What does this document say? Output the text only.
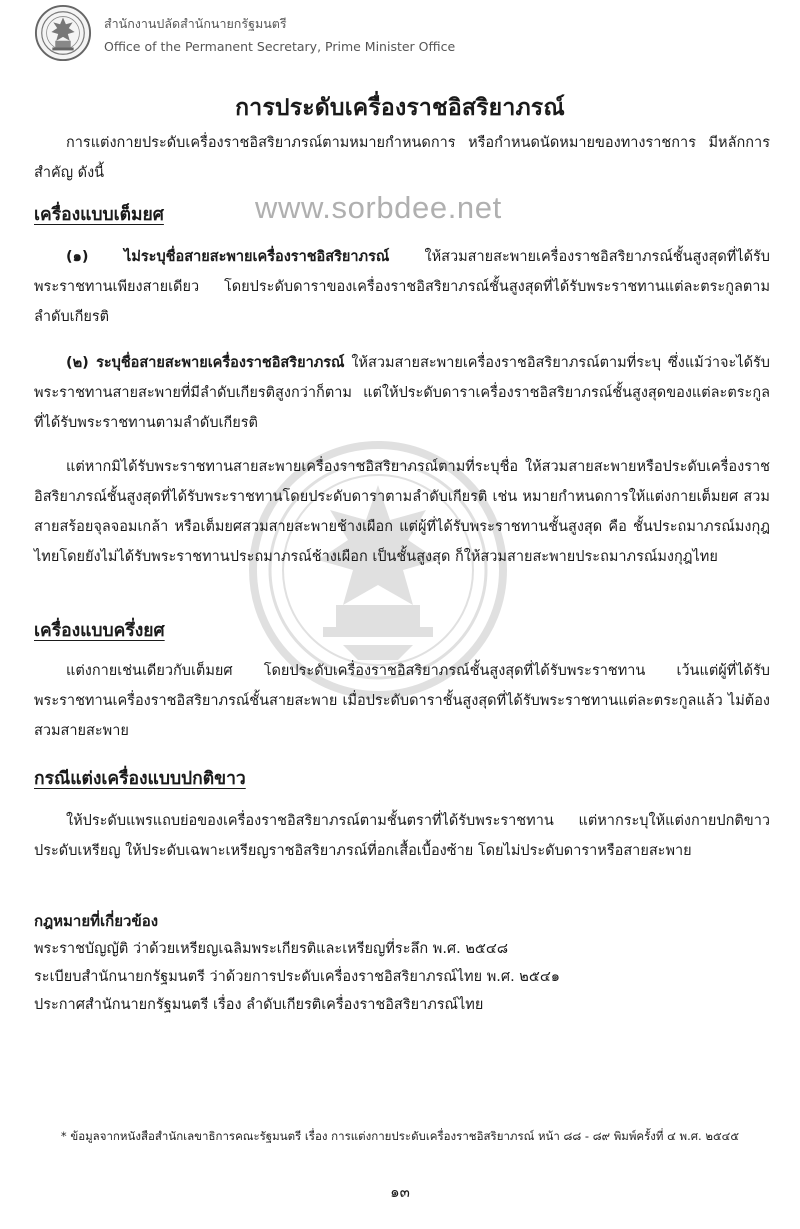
สำนักงานปลัดสำนักนายกรัฐมนตรี
Office of the Permanent Secretary, Prime Minister Office
การประดับเครื่องราชอิสริยาภรณ์

การแต่งกายประดับเครื่องราชอิสริยาภรณ์ตามหมายกำหนดการ หรือกำหนดนัดหมายของทางราชการ มีหลักการสำคัญ ดังนี้

www.sorbdee.net
เครื่องแบบเต็มยศ

(๑) ไม่ระบุชื่อสายสะพายเครื่องราชอิสริยาภรณ์ ให้สวมสายสะพายเครื่องราชอิสริยาภรณ์ชั้นสูงสุดที่ได้รับพระราชทานเพียงสายเดียว โดยประดับดาราของเครื่องราชอิสริยาภรณ์ชั้นสูงสุดที่ได้รับพระราชทานแต่ละตระกูลตามลำดับเกียรติ

(๒) ระบุชื่อสายสะพายเครื่องราชอิสริยาภรณ์ ให้สวมสายสะพายเครื่องราชอิสริยาภรณ์ตามที่ระบุ ซึ่งแม้ว่าจะได้รับพระราชทานสายสะพายที่มีลำดับเกียรติสูงกว่าก็ตาม แต่ให้ประดับดาราเครื่องราชอิสริยาภรณ์ชั้นสูงสุดของแต่ละตระกูลที่ได้รับพระราชทานตามลำดับเกียรติ

แต่หากมิได้รับพระราชทานสายสะพายเครื่องราชอิสริยาภรณ์ตามที่ระบุชื่อ ให้สวมสายสะพายหรือประดับเครื่องราชอิสริยาภรณ์ชั้นสูงสุดที่ได้รับพระราชทานโดยประดับดาราตามลำดับเกียรติ เช่น หมายกำหนดการให้แต่งกายเต็มยศ สวมสายสร้อยจุลจอมเกล้า หรือเต็มยศสวมสายสะพายช้างเผือก แต่ผู้ที่ได้รับพระราชทานชั้นสูงสุด คือ ชั้นประถมาภรณ์มงกุฎไทยโดยยังไม่ได้รับพระราชทานประถมาภรณ์ช้างเผือก เป็นชั้นสูงสุด ก็ให้สวมสายสะพายประถมาภรณ์มงกุฎไทย

เครื่องแบบครึ่งยศ

แต่งกายเช่นเดียวกับเต็มยศ โดยประดับเครื่องราชอิสริยาภรณ์ชั้นสูงสุดที่ได้รับพระราชทาน เว้นแต่ผู้ที่ได้รับพระราชทานเครื่องราชอิสริยาภรณ์ชั้นสายสะพาย เมื่อประดับดาราชั้นสูงสุดที่ได้รับพระราชทานแต่ละตระกูลแล้ว ไม่ต้องสวมสายสะพาย

กรณีแต่งเครื่องแบบปกติขาว

ให้ประดับแพรแถบย่อของเครื่องราชอิสริยาภรณ์ตามชั้นตราที่ได้รับพระราชทาน แต่หากระบุให้แต่งกายปกติขาวประดับเหรียญ ให้ประดับเฉพาะเหรียญราชอิสริยาภรณ์ที่อกเสื้อเบื้องซ้าย โดยไม่ประดับดาราหรือสายสะพาย

กฎหมายที่เกี่ยวข้อง
พระราชบัญญัติ ว่าด้วยเหรียญเฉลิมพระเกียรติและเหรียญที่ระลึก พ.ศ. ๒๕๔๘
ระเบียบสำนักนายกรัฐมนตรี ว่าด้วยการประดับเครื่องราชอิสริยาภรณ์ไทย พ.ศ. ๒๕๔๑
ประกาศสำนักนายกรัฐมนตรี เรื่อง ลำดับเกียรติเครื่องราชอิสริยาภรณ์ไทย
* ข้อมูลจากหนังสือสำนักเลขาธิการคณะรัฐมนตรี เรื่อง การแต่งกายประดับเครื่องราชอิสริยาภรณ์ หน้า ๘๘ - ๘๙ พิมพ์ครั้งที่ ๔ พ.ศ. ๒๕๔๕
๑๓
